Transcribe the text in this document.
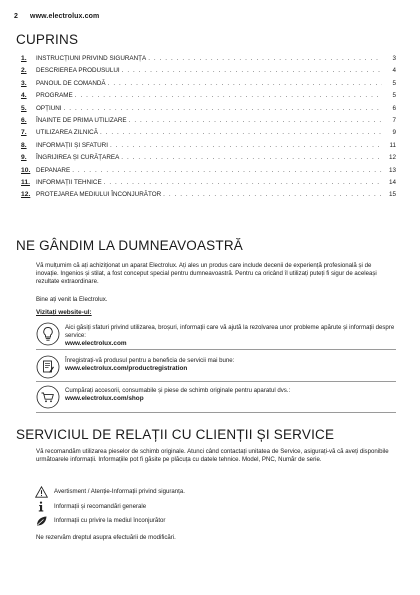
2 www.electrolux.com
CUPRINS
1.	INSTRUCȚIUNI PRIVIND SIGURANȚA . . .	3
2.	DESCRIEREA PRODUSULUI . . .	4
3.	PANOUL DE COMANDĂ . . .	5
4.	PROGRAME . . .	5
5.	OPȚIUNI . . .	6
6.	ÎNAINTE DE PRIMA UTILIZARE . . .	7
7.	UTILIZAREA ZILNICĂ . . .	9
8.	INFORMAȚII ȘI SFATURI . . .	11
9.	ÎNGRIJIREA ȘI CURĂȚAREA . . .	12
10. DEPANARE . . .	13
11. INFORMAȚII TEHNICE . . .	14
12. PROTEJAREA MEDIULUI ÎNCONJURĂTOR . . .	15
NE GÂNDIM LA DUMNEAVOASTRĂ
Vă mulțumim că ați achiziționat un aparat Electrolux. Ați ales un produs care include decenii de experiență profesională și de inovație. Ingenios și stilat, a fost conceput special pentru dumneavoastră. Pentru ca oricând îl utilizați puteți fi sigur de aceleași rezultate extraordinare.
Bine ați venit la Electrolux.
Vizitați website-ul:
Aici găsiți sfaturi privind utilizarea, broșuri, informații care vă ajută la rezolvarea unor probleme apărute și informații despre service:
www.electrolux.com
Înregistrați-vă produsul pentru a beneficia de servicii mai bune:
www.electrolux.com/productregistration
Cumpărați accesorii, consumabile și piese de schimb originale pentru aparatul dvs.:
www.electrolux.com/shop
SERVICIUL DE RELAȚII CU CLIENȚII ȘI SERVICE
Vă recomandăm utilizarea pieselor de schimb originale. Atunci când contactați unitatea de Service, asigurați-vă că aveți disponibile următoarele informații. Informațiile pot fi găsite pe plăcuța cu datele tehnice. Model, PNC, Număr de serie.
Avertisment / Atenție-Informații privind siguranța.
Informații și recomandări generale
Informații cu privire la mediul înconjurător
Ne rezervăm dreptul asupra efectuării de modificări.
